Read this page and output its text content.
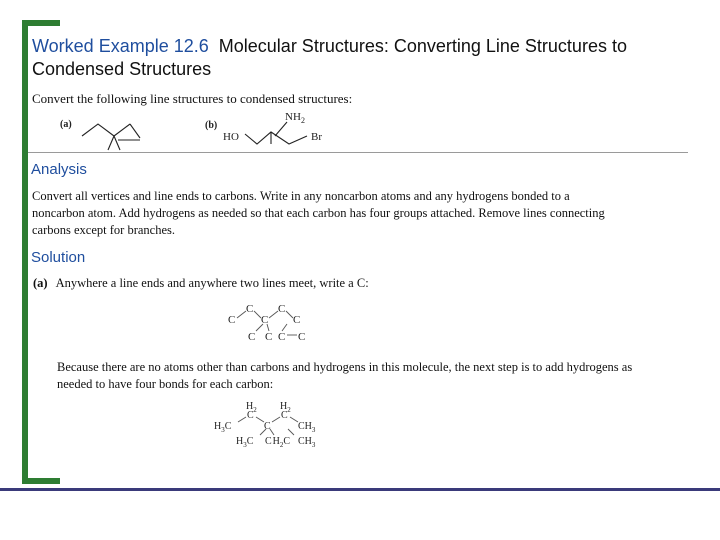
Worked Example 12.6 Molecular Structures: Converting Line Structures to Condensed Structures
Convert the following line structures to condensed structures:
(a)	(b)
N H 2
HO	Br
Analysis
Convert all vertices and line ends to carbons. Write in any noncarbon atoms and any hydrogens bonded to a noncarbon atom. Add hydrogens as needed so that each carbon has four groups attached. Remove lines connecting carbons except for branches.
Solution
(a) Anywhere a line ends and anywhere two lines meet, write a C:
C
C
C
C
C
C C C C
Because there are no atoms other than carbons and hydrogens in this molecule, the next step is to add hydrogens as needed to have four bonds for each carbon:
$H_2$ $H_2$
C	C
$H_3C$	C	$CH_3$
$H_3C$ $CH_2C$ $CH_3$
